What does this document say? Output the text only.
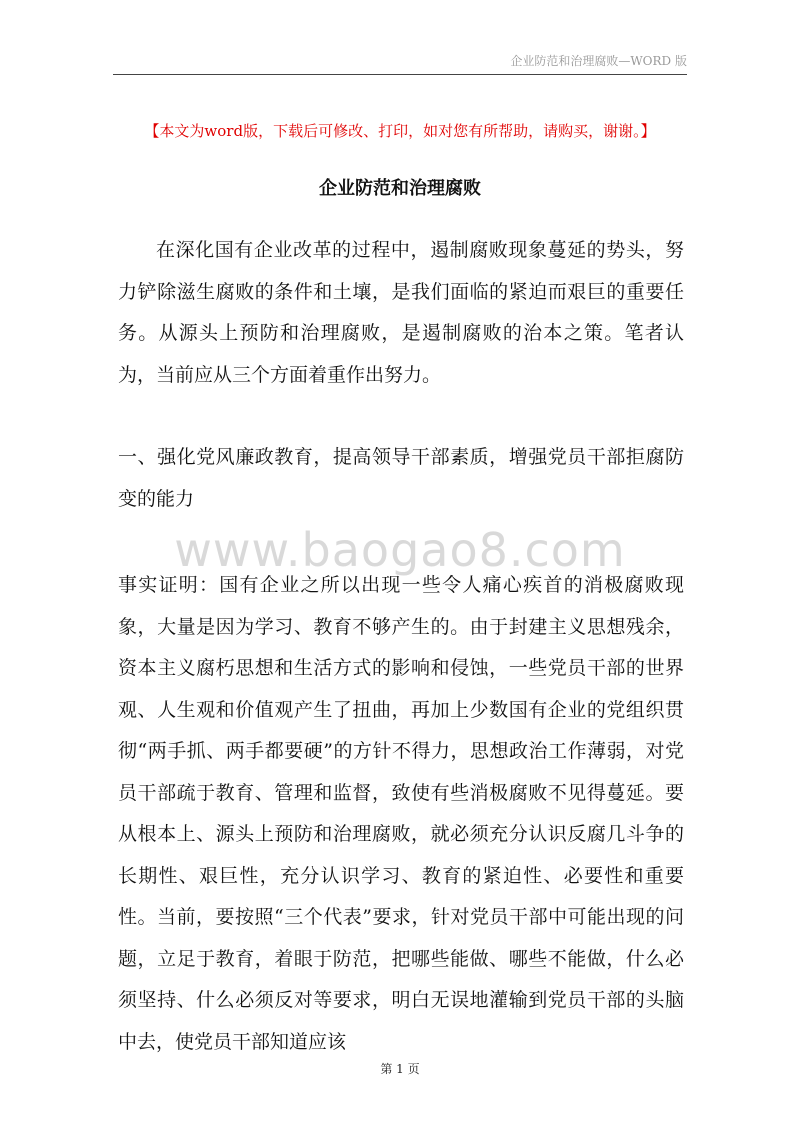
企业防范和治理腐败—WORD 版
【本文为word版，下载后可修改、打印，如对您有所帮助，请购买，谢谢。】
企业防范和治理腐败

在深化国有企业改革的过程中，遏制腐败现象蔓延的势头，努力铲除滋生腐败的条件和土壤，是我们面临的紧迫而艰巨的重要任务。从源头上预防和治理腐败，是遏制腐败的治本之策。笔者认为，当前应从三个方面着重作出努力。

一、强化党风廉政教育，提高领导干部素质，增强党员干部拒腐防变的能力

www.baogao8.com

事实证明：国有企业之所以出现一些令人痛心疾首的消极腐败现象，大量是因为学习、教育不够产生的。由于封建主义思想残余，资本主义腐朽思想和生活方式的影响和侵蚀，一些党员干部的世界观、人生观和价值观产生了扭曲，再加上少数国有企业的党组织贯彻“两手抓、两手都要硬”的方针不得力，思想政治工作薄弱，对党员干部疏于教育、管理和监督，致使有些消极腐败不见得蔓延。要从根本上、源头上预防和治理腐败，就必须充分认识反腐几斗争的长期性、艰巨性，充分认识学习、教育的紧迫性、必要性和重要性。当前，要按照“三个代表”要求，针对党员干部中可能出现的问题，立足于教育，着眼于防范，把哪些能做、哪些不能做，什么必须坚持、什么必须反对等要求，明白无误地灌输到党员干部的头脑中去，使党员干部知道应该

第 1 页
